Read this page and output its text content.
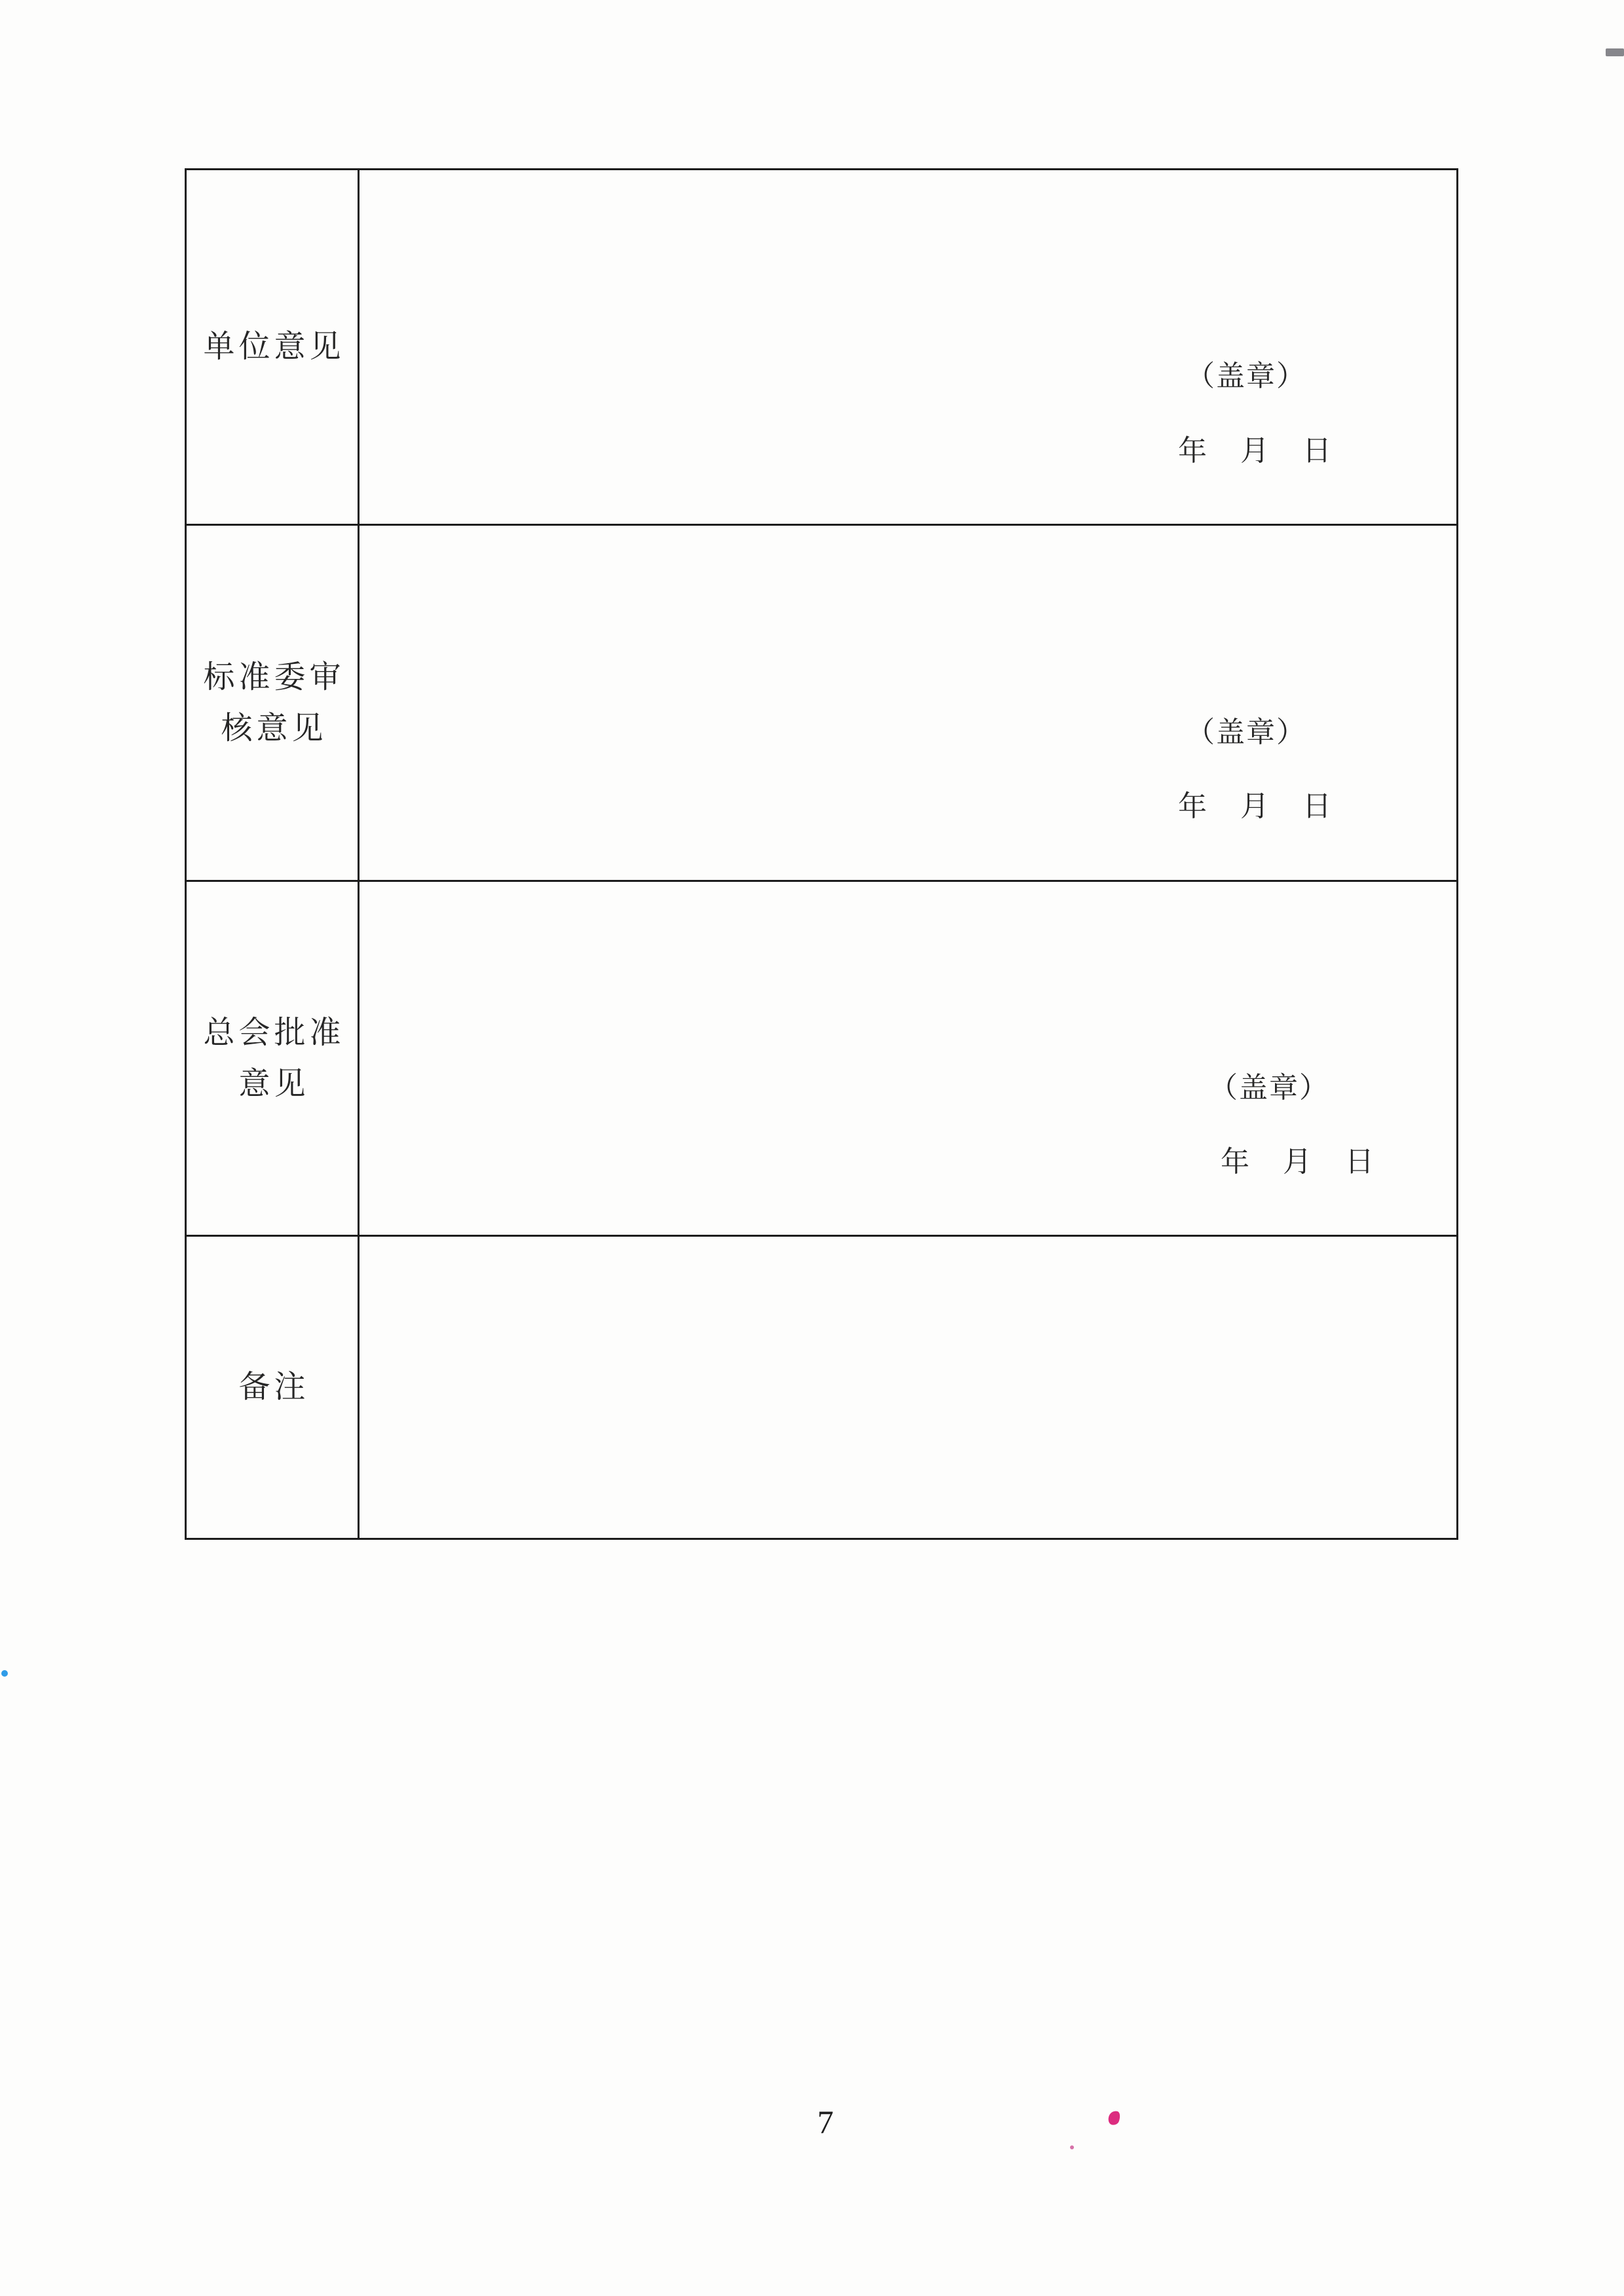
单位意见
（盖章）
年 月 日
标准委审
核意见	（盖章）
年 月 日
总会批准
意见	（盖章）
年 月 日
备注
7
